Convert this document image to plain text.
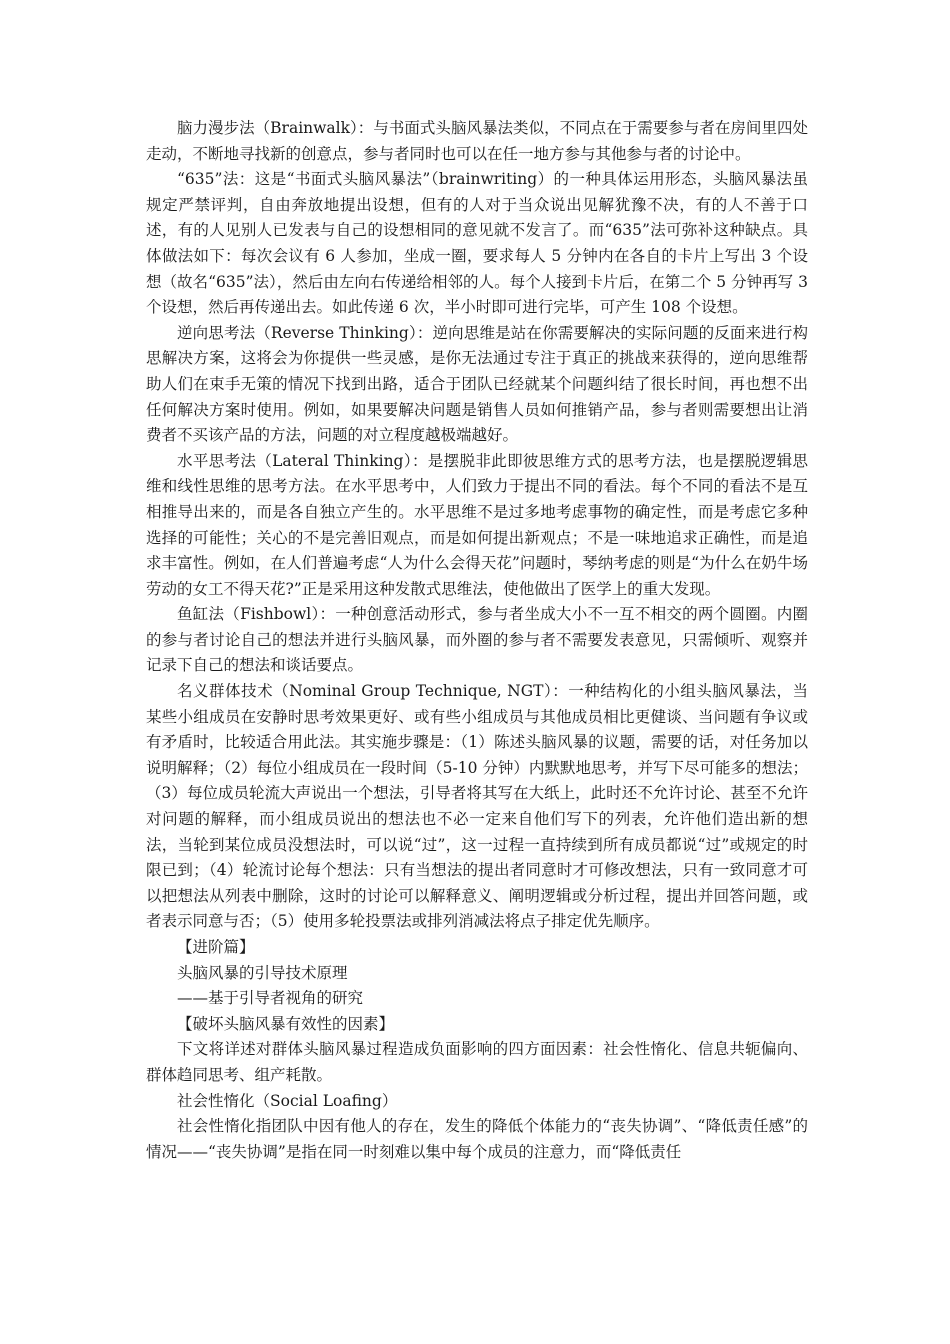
脑力漫步法（Brainwalk）：与书面式头脑风暴法类似，不同点在于需要参与者在房间里四处走动，不断地寻找新的创意点，参与者同时也可以在任一地方参与其他参与者的讨论中。

“635”法：这是“书面式头脑风暴法”（brainwriting）的一种具体运用形态，头脑风暴法虽规定严禁评判，自由奔放地提出设想，但有的人对于当众说出见解犹豫不决，有的人不善于口述，有的人见别人已发表与自己的设想相同的意见就不发言了。而“635”法可弥补这种缺点。具体做法如下：每次会议有 6 人参加，坐成一圈，要求每人 5 分钟内在各自的卡片上写出 3 个设想（故名“635”法），然后由左向右传递给相邻的人。每个人接到卡片后，在第二个 5 分钟再写 3 个设想，然后再传递出去。如此传递 6 次，半小时即可进行完毕，可产生 108 个设想。

逆向思考法（Reverse Thinking）：逆向思维是站在你需要解决的实际问题的反面来进行构思解决方案，这将会为你提供一些灵感，是你无法通过专注于真正的挑战来获得的，逆向思维帮助人们在束手无策的情况下找到出路，适合于团队已经就某个问题纠结了很长时间，再也想不出任何解决方案时使用。例如，如果要解决问题是销售人员如何推销产品，参与者则需要想出让消费者不买该产品的方法，问题的对立程度越极端越好。

水平思考法（Lateral Thinking）：是摆脱非此即彼思维方式的思考方法，也是摆脱逻辑思维和线性思维的思考方法。在水平思考中，人们致力于提出不同的看法。每个不同的看法不是互相推导出来的，而是各自独立产生的。水平思维不是过多地考虑事物的确定性，而是考虑它多种选择的可能性；关心的不是完善旧观点，而是如何提出新观点；不是一味地追求正确性，而是追求丰富性。例如，在人们普遍考虑“人为什么会得天花”问题时，琴纳考虑的则是“为什么在奶牛场劳动的女工不得天花?”正是采用这种发散式思维法，使他做出了医学上的重大发现。

鱼缸法（Fishbowl）：一种创意活动形式，参与者坐成大小不一互不相交的两个圆圈。内圈的参与者讨论自己的想法并进行头脑风暴，而外圈的参与者不需要发表意见，只需倾听、观察并记录下自己的想法和谈话要点。

名义群体技术（Nominal Group Technique, NGT）：一种结构化的小组头脑风暴法，当某些小组成员在安静时思考效果更好、或有些小组成员与其他成员相比更健谈、当问题有争议或有矛盾时，比较适合用此法。其实施步骤是：（1）陈述头脑风暴的议题，需要的话，对任务加以说明解释；（2）每位小组成员在一段时间（5-10 分钟）内默默地思考，并写下尽可能多的想法；（3）每位成员轮流大声说出一个想法，引导者将其写在大纸上，此时还不允许讨论、甚至不允许对问题的解释，而小组成员说出的想法也不必一定来自他们写下的列表，允许他们造出新的想法，当轮到某位成员没想法时，可以说“过”，这一过程一直持续到所有成员都说“过”或规定的时限已到；（4）轮流讨论每个想法：只有当想法的提出者同意时才可修改想法，只有一致同意才可以把想法从列表中删除，这时的讨论可以解释意义、阐明逻辑或分析过程，提出并回答问题，或者表示同意与否；（5）使用多轮投票法或排列消减法将点子排定优先顺序。

【进阶篇】

头脑风暴的引导技术原理

——基于引导者视角的研究

【破坏头脑风暴有效性的因素】

下文将详述对群体头脑风暴过程造成负面影响的四方面因素：社会性惰化、信息共轭偏向、群体趋同思考、组产耗散。

社会性惰化（Social Loafing）

社会性惰化指团队中因有他人的存在，发生的降低个体能力的“丧失协调”、“降低责任感”的情况——“丧失协调”是指在同一时刻难以集中每个成员的注意力，而“降低责任
